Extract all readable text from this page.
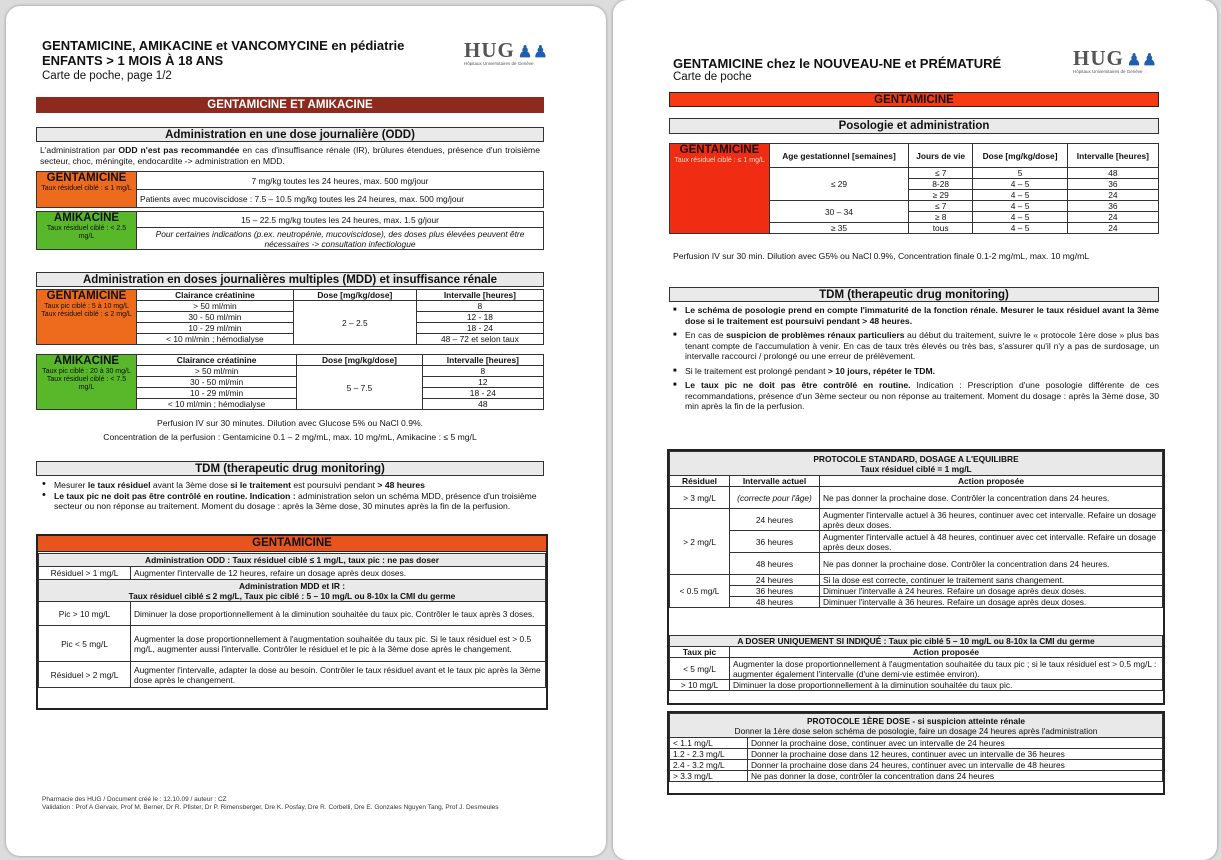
GENTAMICINE, AMIKACINE et VANCOMYCINE en pédiatrie
ENFANTS > 1 MOIS À 18 ANS
Carte de poche, page 1/2
HUG ♟♟
Hôpitaux Universitaires de Genève
GENTAMICINE ET AMIKACINE
Administration en une dose journalière (ODD)
L'administration par ODD n'est pas recommandée en cas d'insuffisance rénale (IR), brûlures étendues, présence d'un troisième secteur, choc, méningite, endocardite -> administration en MDD.
GENTAMICINE
Taux résiduel ciblé : ≤ 1 mg/L	7 mg/kg toutes les 24 heures, max. 500 mg/jour
	Patients avec mucoviscidose : 7.5 – 10.5 mg/kg toutes les 24 heures, max. 500 mg/jour

AMIKACINE
Taux résiduel ciblé : < 2.5 mg/L	15 – 22.5 mg/kg toutes les 24 heures, max. 1.5 g/jour
	Pour certaines indications (p.ex. neutropénie, mucoviscidose), des doses plus élevées peuvent être nécessaires -> consultation infectiologue
Administration en doses journalières multiples (MDD) et insuffisance rénale
GENTAMICINE
Taux pic ciblé : 5 à 10 mg/L Taux résiduel ciblé : ≤ 2 mg/L	Clairance créatinine	Dose [mg/kg/dose]	Intervalle [heures]
	> 50 ml/min	2 – 2.5	8
	30 - 50 ml/min		12 - 18
	10 - 29 ml/min		18 - 24
	< 10 ml/min ; hémodialyse		48 – 72 et selon taux
AMIKACINE
Taux pic ciblé : 20 à 30 mg/L Taux résiduel ciblé : < 7.5 mg/L	Clairance créatinine	Dose [mg/kg/dose]	Intervalle [heures]
	> 50 ml/min	5 – 7.5	8
	30 - 50 ml/min		12
	10 - 29 ml/min		18 - 24
	< 10 ml/min ; hémodialyse		48
Perfusion IV sur 30 minutes. Dilution avec Glucose 5% ou NaCl 0.9%.
Concentration de la perfusion : Gentamicine 0.1 – 2 mg/mL, max. 10 mg/mL, Amikacine : ≤ 5 mg/L
TDM (therapeutic drug monitoring)
• Mesurer le taux résiduel avant la 3ème dose si le traitement est poursuivi pendant > 48 heures
• Le taux pic ne doit pas être contrôlé en routine. Indication : administration selon un schéma MDD, présence d'un troisième secteur ou non réponse au traitement. Moment du dosage : après la 3ème dose, 30 minutes après la fin de la perfusion.
GENTAMICINE
Administration ODD : Taux résiduel ciblé ≤ 1 mg/L, taux pic : ne pas doser	
Résiduel > 1 mg/L	Augmenter l'intervalle de 12 heures, refaire un dosage après deux doses.
Administration MDD et IR :
Taux résiduel ciblé ≤ 2 mg/L, Taux pic ciblé : 5 – 10 mg/L ou 8-10x la CMI du germe	
Pic > 10 mg/L	Diminuer la dose proportionnellement à la diminution souhaitée du taux pic. Contrôler le taux après 3 doses.
Pic < 5 mg/L	Augmenter la dose proportionnellement à l'augmentation souhaitée du taux pic. Si le taux résiduel est > 0.5 mg/L, augmenter aussi l'intervalle. Contrôler le résiduel et le pic à la 3ème dose après le changement.
Résiduel > 2 mg/L	Augmenter l'intervalle, adapter la dose au besoin. Contrôler le taux résiduel avant et le taux pic après la 3ème dose après le changement.
Pharmacie des HUG / Document créé le : 12.10.09 / auteur : CZ
Validation : Prof A Gervaix, Prof M. Berner, Dr R. Pfister, Dr P. Rimensberger, Dre K. Posfay, Dre R. Corbelli, Dre E. Gonzales Nguyen Tang, Prof J. Desmeules
GENTAMICINE chez le NOUVEAU-NE et PRÉMATURÉ
Carte de poche
HUG ♟♟
Hôpitaux Universitaires de Genève
GENTAMICINE
Posologie et administration
GENTAMICINE
Taux résiduel ciblé : ≤ 1 mg/L	Age gestationnel [semaines]	Jours de vie	Dose [mg/kg/dose]	Intervalle [heures]
	≤ 29	≤ 7	5	48
		8-28	4 – 5	36
		≥ 29	4 – 5	24
	30 – 34	≤ 7	4 – 5	36
		≥ 8	4 – 5	24
	≥ 35	tous	4 – 5	24
Perfusion IV sur 30 min. Dilution avec G5% ou NaCl 0.9%, Concentration finale 0.1-2 mg/mL, max. 10 mg/mL
TDM (therapeutic drug monitoring)
■ Le schéma de posologie prend en compte l'immaturité de la fonction rénale. Mesurer le taux résiduel avant la 3ème dose si le traitement est poursuivi pendant > 48 heures.
■ En cas de suspicion de problèmes rénaux particuliers au début du traitement, suivre le « protocole 1ère dose » plus bas tenant compte de l'accumulation à venir. En cas de taux très élevés ou très bas, s'assurer qu'il n'y a pas de surdosage, un intervalle raccourci / prolongé ou une erreur de prélèvement.
■ Si le traitement est prolongé pendant > 10 jours, répéter le TDM.
■ Le taux pic ne doit pas être contrôlé en routine. Indication : Prescription d'une posologie différente de ces recommandations, présence d'un 3ème secteur ou non réponse au traitement. Moment du dosage : après la 3ème dose, 30 min après la fin de la perfusion.
PROTOCOLE STANDARD, DOSAGE A L'EQUILIBRE
Taux résiduel ciblé = 1 mg/L		
Résiduel	Intervalle actuel	Action proposée
> 3 mg/L	(correcte pour l'âge)	Ne pas donner la prochaine dose. Contrôler la concentration dans 24 heures.
> 2 mg/L	24 heures	Augmenter l'intervalle actuel à 36 heures, continuer avec cet intervalle. Refaire un dosage après deux doses.
	36 heures	Augmenter l'intervalle actuel à 48 heures, continuer avec cet intervalle. Refaire un dosage après deux doses.
	48 heures	Ne pas donner la prochaine dose. Contrôler la concentration dans 24 heures.
< 0.5 mg/L	24 heures	Si la dose est correcte, continuer le traitement sans changement.
	36 heures	Diminuer l'intervalle à 24 heures. Refaire un dosage après deux doses.
	48 heures	Diminuer l'intervalle à 36 heures. Refaire un dosage après deux doses.
A DOSER UNIQUEMENT SI INDIQUÉ : Taux pic ciblé 5 – 10 mg/L ou 8-10x la CMI du germe	
Taux pic	Action proposée
< 5 mg/L	Augmenter la dose proportionnellement à l'augmentation souhaitée du taux pic ; si le taux résiduel est > 0.5 mg/L : augmenter également l'intervalle (d'une demi-vie estimée environ).
> 10 mg/L	Diminuer la dose proportionnellement à la diminution souhaitée du taux pic.
PROTOCOLE 1ÈRE DOSE - si suspicion atteinte rénale
Donner la 1ère dose selon schéma de posologie, faire un dosage 24 heures après l'administration	
< 1.1 mg/L	Donner la prochaine dose, continuer avec un intervalle de 24 heures
1.2 - 2.3 mg/L	Donner la prochaine dose dans 12 heures, continuer avec un intervalle de 36 heures
2.4 - 3.2 mg/L	Donner la prochaine dose dans 24 heures, continuer avec un intervalle de 48 heures
> 3.3 mg/L	Ne pas donner la dose, contrôler la concentration dans 24 heures
